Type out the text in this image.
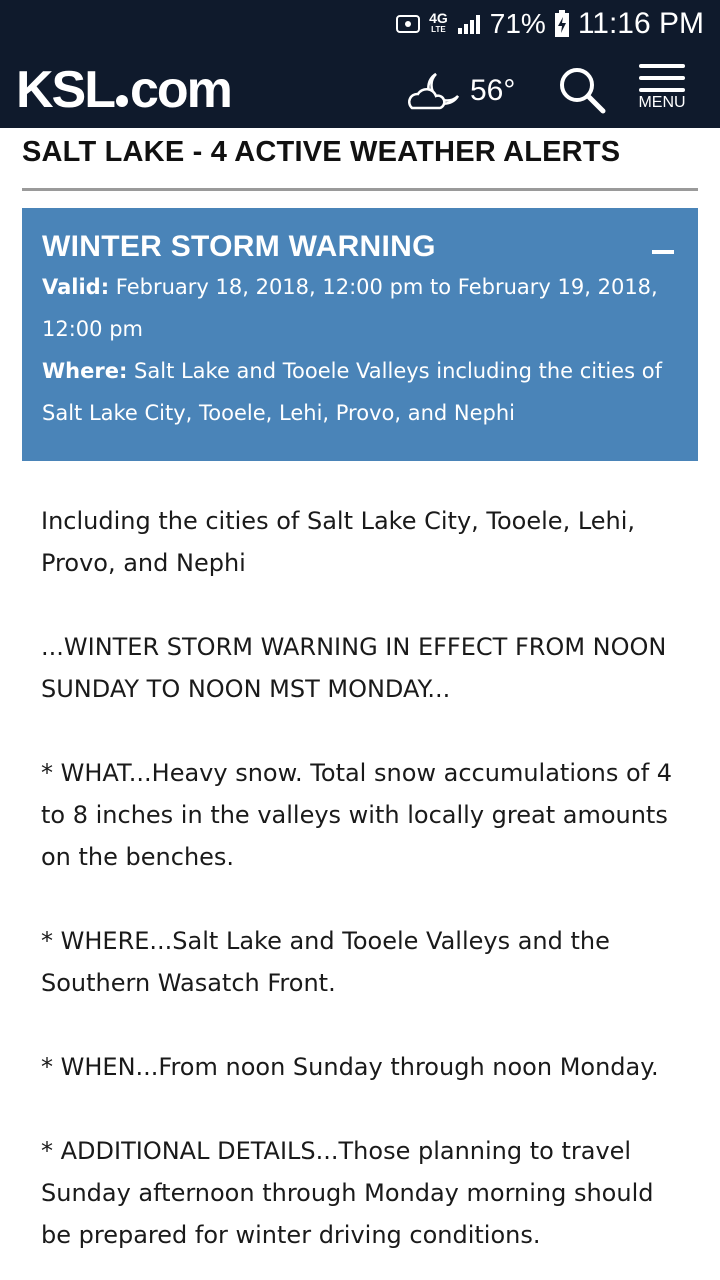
4G
LTE 71% 11:16 PM
KSL com	56°	MENU
SALT LAKE - 4 ACTIVE WEATHER ALERTS
WINTER STORM WARNING
Valid: February 18, 2018, 12:00 pm to February 19, 2018, 12:00 pm
Where: Salt Lake and Tooele Valleys including the cities of Salt Lake City, Tooele, Lehi, Provo, and Nephi

Including the cities of Salt Lake City, Tooele, Lehi, Provo, and Nephi

...WINTER STORM WARNING IN EFFECT FROM NOON SUNDAY TO NOON MST MONDAY...

* WHAT...Heavy snow. Total snow accumulations of 4 to 8 inches in the valleys with locally great amounts on the benches.

* WHERE...Salt Lake and Tooele Valleys and the Southern Wasatch Front.

* WHEN...From noon Sunday through noon Monday.

* ADDITIONAL DETAILS...Those planning to travel Sunday afternoon through Monday morning should be prepared for winter driving conditions.
